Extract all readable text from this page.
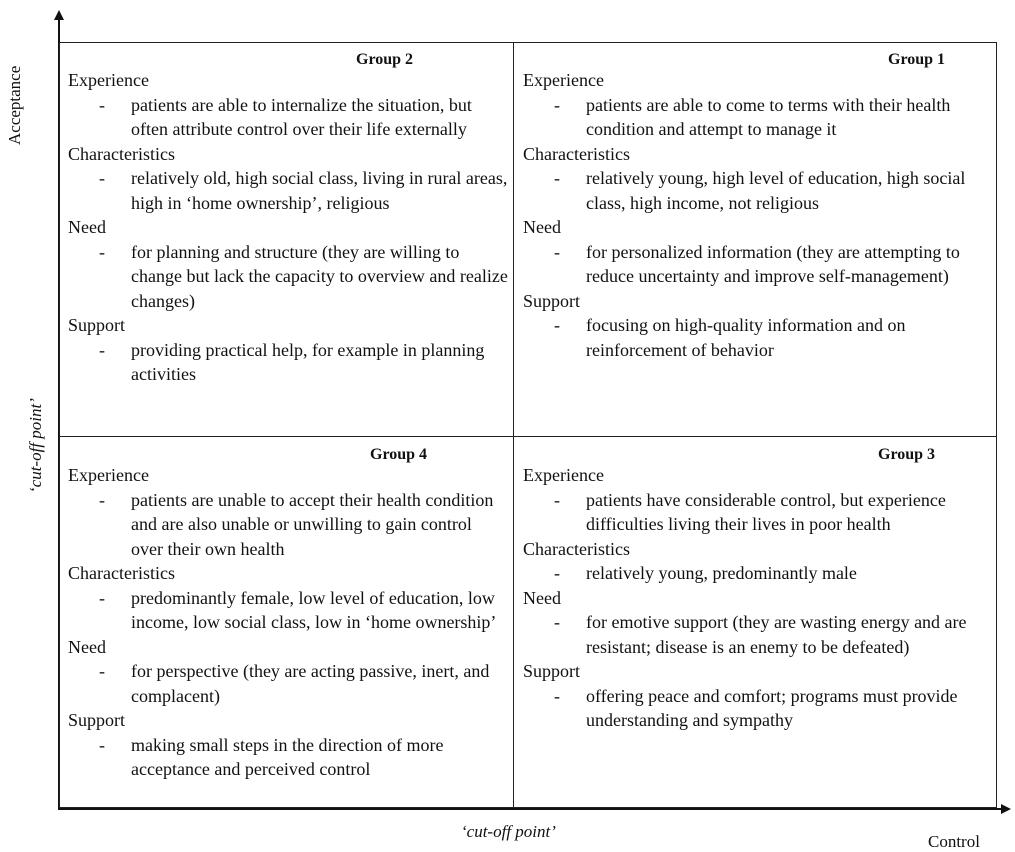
Group 2
Experience
- patients are able to internalize the situation, but often attribute control over their life externally
Characteristics
- relatively old, high social class, living in rural areas, high in ‘home ownership’, religious
Need
- for planning and structure (they are willing to change but lack the capacity to overview and realize changes)
Support
- providing practical help, for example in planning activities
Group 1
Experience
- patients are able to come to terms with their health condition and attempt to manage it
Characteristics
- relatively young, high level of education, high social class, high income, not religious
Need
- for personalized information (they are attempting to reduce uncertainty and improve self-management)
Support
- focusing on high-quality information and on reinforcement of behavior
Group 4
Experience
- patients are unable to accept their health condition and are also unable or unwilling to gain control over their own health
Characteristics
- predominantly female, low level of education, low income, low social class, low in ‘home ownership’
Need
- for perspective (they are acting passive, inert, and complacent)
Support
- making small steps in the direction of more acceptance and perceived control
Group 3
Experience
- patients have considerable control, but experience difficulties living their lives in poor health
Characteristics
- relatively young, predominantly male
Need
- for emotive support (they are wasting energy and are resistant; disease is an enemy to be defeated)
Support
- offering peace and comfort; programs must provide understanding and sympathy
Acceptance
‘cut-off point’
‘cut-off point’
Control
